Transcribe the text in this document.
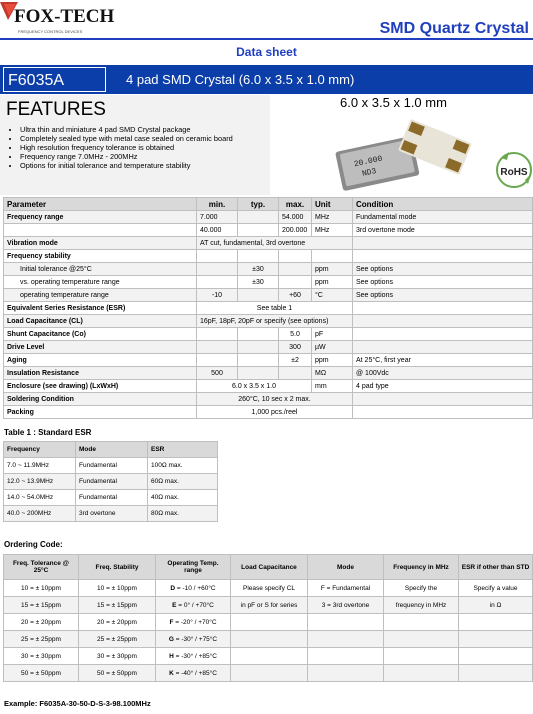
FOX-TECH
FREQUENCY CONTROL DEVICES	SMD Quartz Crystal
Data sheet
F6035A	4 pad SMD Crystal (6.0 x 3.5 x 1.0 mm)
FEATURES
• Ultra thin and miniature 4 pad SMD Crystal package
• Completely sealed type with metal case sealed on ceramic board
• High resolution frequency tolerance is obtained
• Frequency range 7.0MHz - 200MHz
• Options for initial tolerance and temperature stability
6.0 x 3.5 x 1.0 mm
20.000
ND3	RoHS
Parameter	min.	typ.	max.	Unit	Condition
Frequency range	7.000		54.000	MHz	Fundamental mode
	40.000		200.000	MHz	3rd overtone mode
Vibration mode	AT cut, fundamental, 3rd overtone				
Frequency stability					
Initial tolerance @25°C		±30		ppm	See options
vs. operating temperature range		±30		ppm	See options
operating temperature range	-10		+60	°C	See options
Equivalent Series Resistance (ESR)	See table 1				
Load Capacitance (CL)	16pF, 18pF, 20pF or specify (see options)				
Shunt Capacitance (Co)			5.0	pF	
Drive Level			300	µW	
Aging			±2	ppm	At 25°C, first year
Insulation Resistance	500			MΩ	@ 100Vdc
Enclosure (see drawing) (LxWxH)	6.0 x 3.5 x 1.0			mm	4 pad type
Soldering Condition	260°C, 10 sec x 2 max.				
Packing	1,000 pcs./reel				
Table 1 : Standard ESR
Frequency	Mode	ESR
7.0 ~ 11.9MHz	Fundamental	100Ω max.
12.0 ~ 13.9MHz	Fundamental	60Ω max.
14.0 ~ 54.0MHz	Fundamental	40Ω max.
40.0 ~ 200MHz	3rd overtone	80Ω max.
Ordering Code:
Freq. Tolerance @ 25°C	Freq. Stability	Operating Temp. range	Load Capacitance	Mode	Frequency in MHz	ESR if other than STD
10 = ± 10ppm	10 = ± 10ppm	D = -10 / +60°C	Please specify CL	F = Fundamental	Specify the	Specify a value
15 = ± 15ppm	15 = ± 15ppm	E = 0° / +70°C	in pF or S for series	3 = 3rd overtone	frequency in MHz	in Ω
20 = ± 20ppm	20 = ± 20ppm	F = -20° / +70°C				
25 = ± 25ppm	25 = ± 25ppm	G = -30° / +75°C				
30 = ± 30ppm	30 = ± 30ppm	H = -30° / +85°C				
50 = ± 50ppm	50 = ± 50ppm	K = -40° / +85°C				
Example: F6035A-30-50-D-S-3-98.100MHz
